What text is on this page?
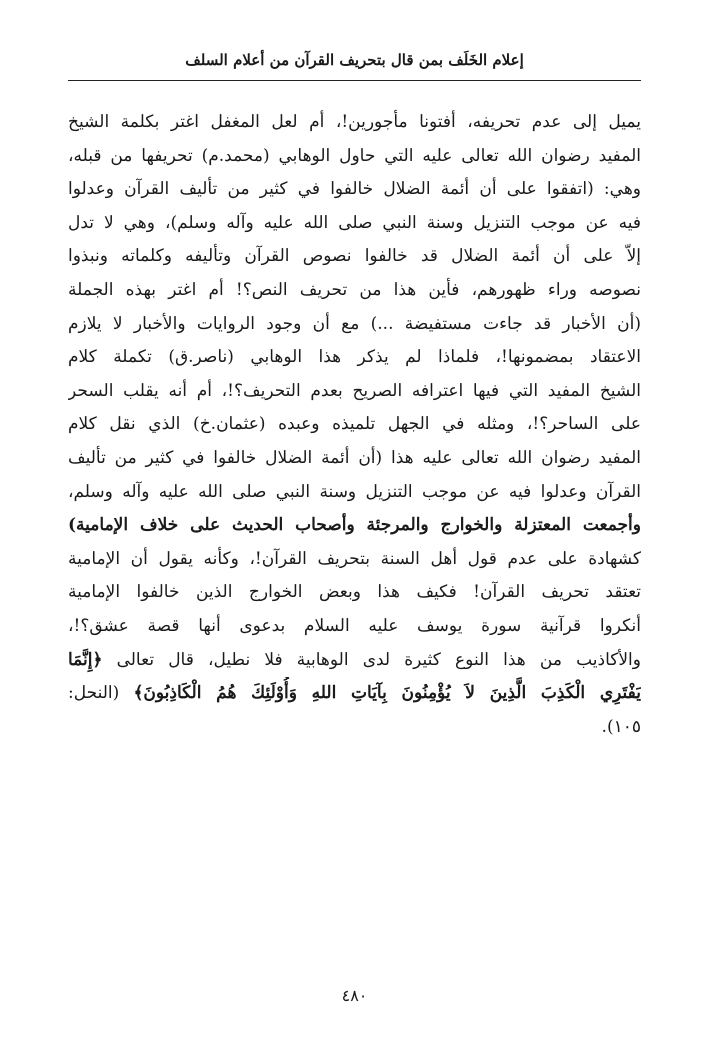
إعلام الخَلَف بمن قال بتحريف القرآن من أعلام السلف
يميل إلى عدم تحريفه، أفتونا مأجورين!، أم لعل المغفل اغتر بكلمة الشيخ
المفيد رضوان الله تعالى عليه التي حاول الوهابي (محمد.م) تحريفها من قبله،
وهي: (اتفقوا على أن أئمة الضلال خالفوا في كثير من تأليف القرآن وعدلوا
فيه عن موجب التنزيل وسنة النبي صلى الله عليه وآله وسلم)، وهي لا تدل
إلاّ على أن أئمة الضلال قد خالفوا نصوص القرآن وتأليفه وكلماته ونبذوا
نصوصه وراء ظهورهم، فأين هذا من تحريف النص؟! أم اغتر بهذه الجملة
(أن الأخبار قد جاءت مستفيضة ...) مع أن وجود الروايات والأخبار لا يلازم
الاعتقاد بمضمونها!، فلماذا لم يذكر هذا الوهابي (ناصر.ق) تكملة كلام
الشيخ المفيد التي فيها اعترافه الصريح بعدم التحريف؟!، أم أنه يقلب السحر
على الساحر؟!، ومثله في الجهل تلميذه وعبده (عثمان.خ) الذي نقل كلام
المفيد رضوان الله تعالى عليه هذا (أن أئمة الضلال خالفوا في كثير من تأليف
القرآن وعدلوا فيه عن موجب التنزيل وسنة النبي صلى الله عليه وآله وسلم،
وأجمعت المعتزلة والخوارج والمرجئة وأصحاب الحديث على خلاف الإمامية)
كشهادة على عدم قول أهل السنة بتحريف القرآن!، وكأنه يقول أن الإمامية
تعتقد تحريف القرآن! فكيف هذا وبعض الخوارج الذين خالفوا الإمامية
أنكروا قرآنية سورة يوسف عليه السلام بدعوى أنها قصة عشق؟!،
والأكاذيب من هذا النوع كثيرة لدى الوهابية فلا نطيل، قال تعالى ﴿إِنَّمَا
يَفْتَرِي الْكَذِبَ الَّذِينَ لاَ يُؤْمِنُونَ بِآيَاتِ اللهِ وَأُوْلَئِكَ هُمُ الْكَاذِبُونَ﴾ (النحل:
١٠٥).
٤٨٠
